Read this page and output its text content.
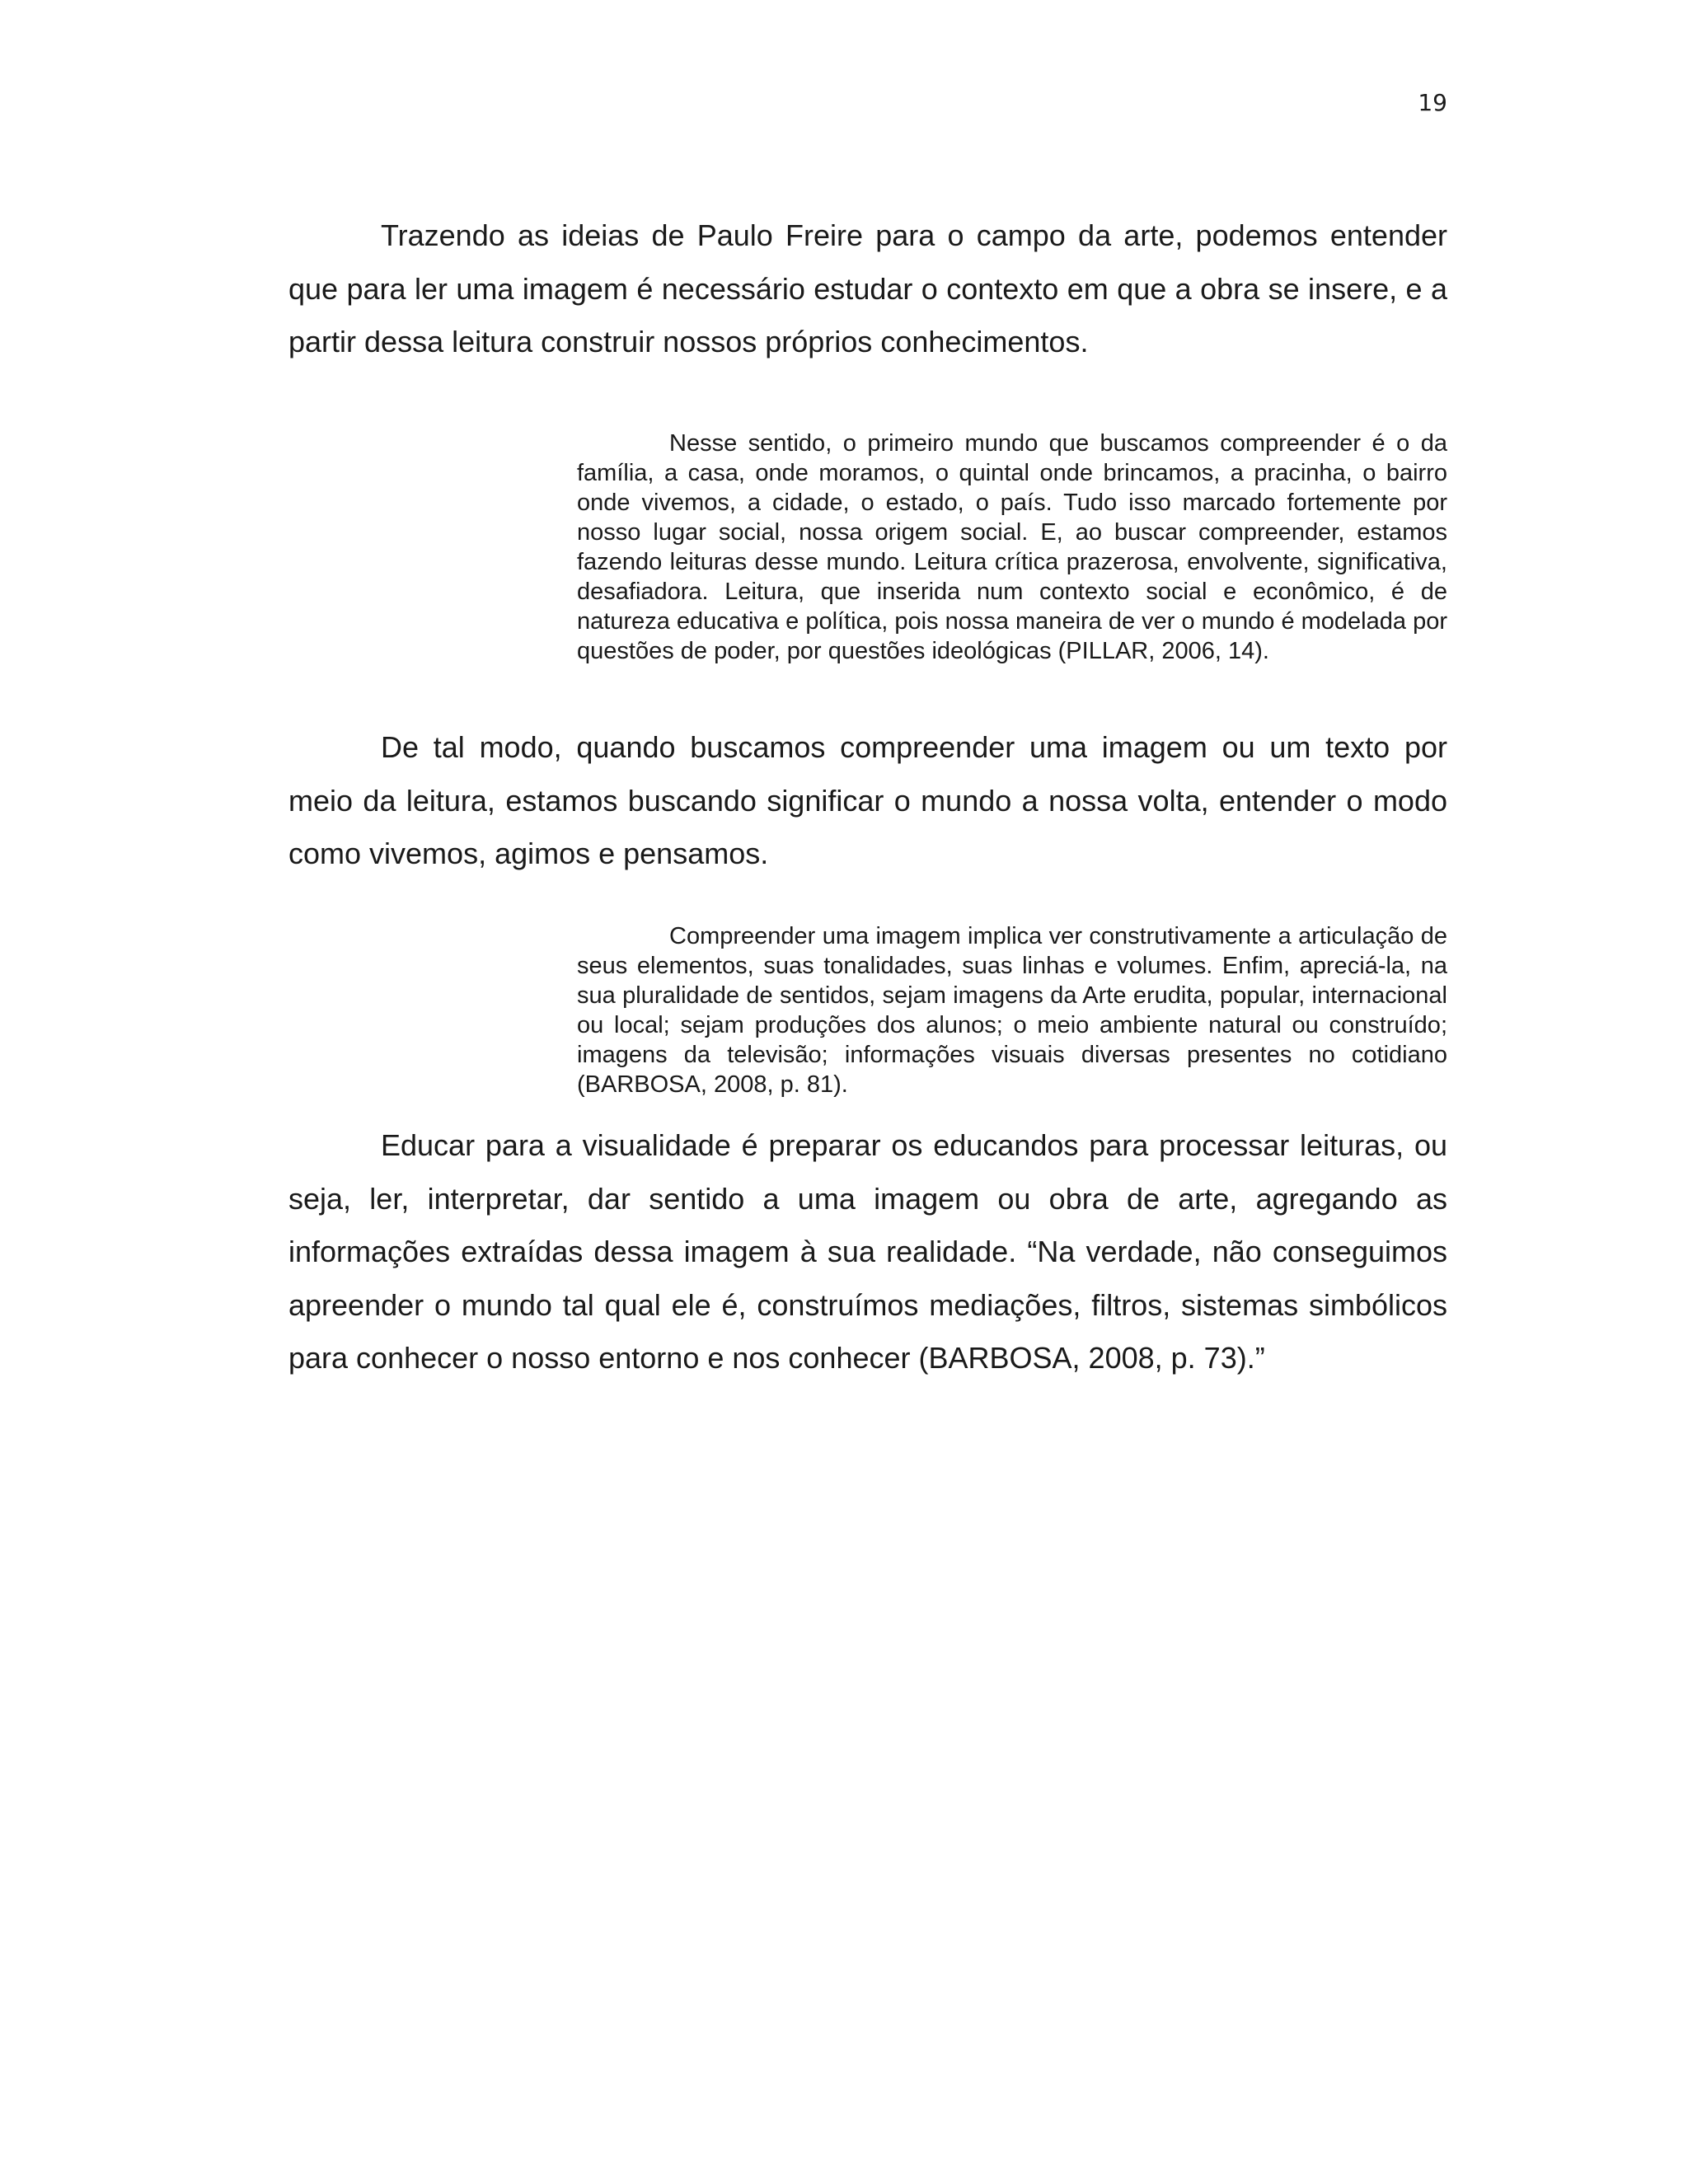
19

Trazendo as ideias de Paulo Freire para o campo da arte, podemos entender que para ler uma imagem é necessário estudar o contexto em que a obra se insere, e a partir dessa leitura construir nossos próprios conhecimentos.

Nesse sentido, o primeiro mundo que buscamos compreender é o da família, a casa, onde moramos, o quintal onde brincamos, a pracinha, o bairro onde vivemos, a cidade, o estado, o país. Tudo isso marcado fortemente por nosso lugar social, nossa origem social. E, ao buscar compreender, estamos fazendo leituras desse mundo. Leitura crítica prazerosa, envolvente, significativa, desafiadora. Leitura, que inserida num contexto social e econômico, é de natureza educativa e política, pois nossa maneira de ver o mundo é modelada por questões de poder, por questões ideológicas (PILLAR, 2006, 14).

De tal modo, quando buscamos compreender uma imagem ou um texto por meio da leitura, estamos buscando significar o mundo a nossa volta, entender o modo como vivemos, agimos e pensamos.

Compreender uma imagem implica ver construtivamente a articulação de seus elementos, suas tonalidades, suas linhas e volumes. Enfim, apreciá-la, na sua pluralidade de sentidos, sejam imagens da Arte erudita, popular, internacional ou local; sejam produções dos alunos; o meio ambiente natural ou construído; imagens da televisão; informações visuais diversas presentes no cotidiano (BARBOSA, 2008, p. 81).

Educar para a visualidade é preparar os educandos para processar leituras, ou seja, ler, interpretar, dar sentido a uma imagem ou obra de arte, agregando as informações extraídas dessa imagem à sua realidade. “Na verdade, não conseguimos apreender o mundo tal qual ele é, construímos mediações, filtros, sistemas simbólicos para conhecer o nosso entorno e nos conhecer (BARBOSA, 2008, p. 73).”
